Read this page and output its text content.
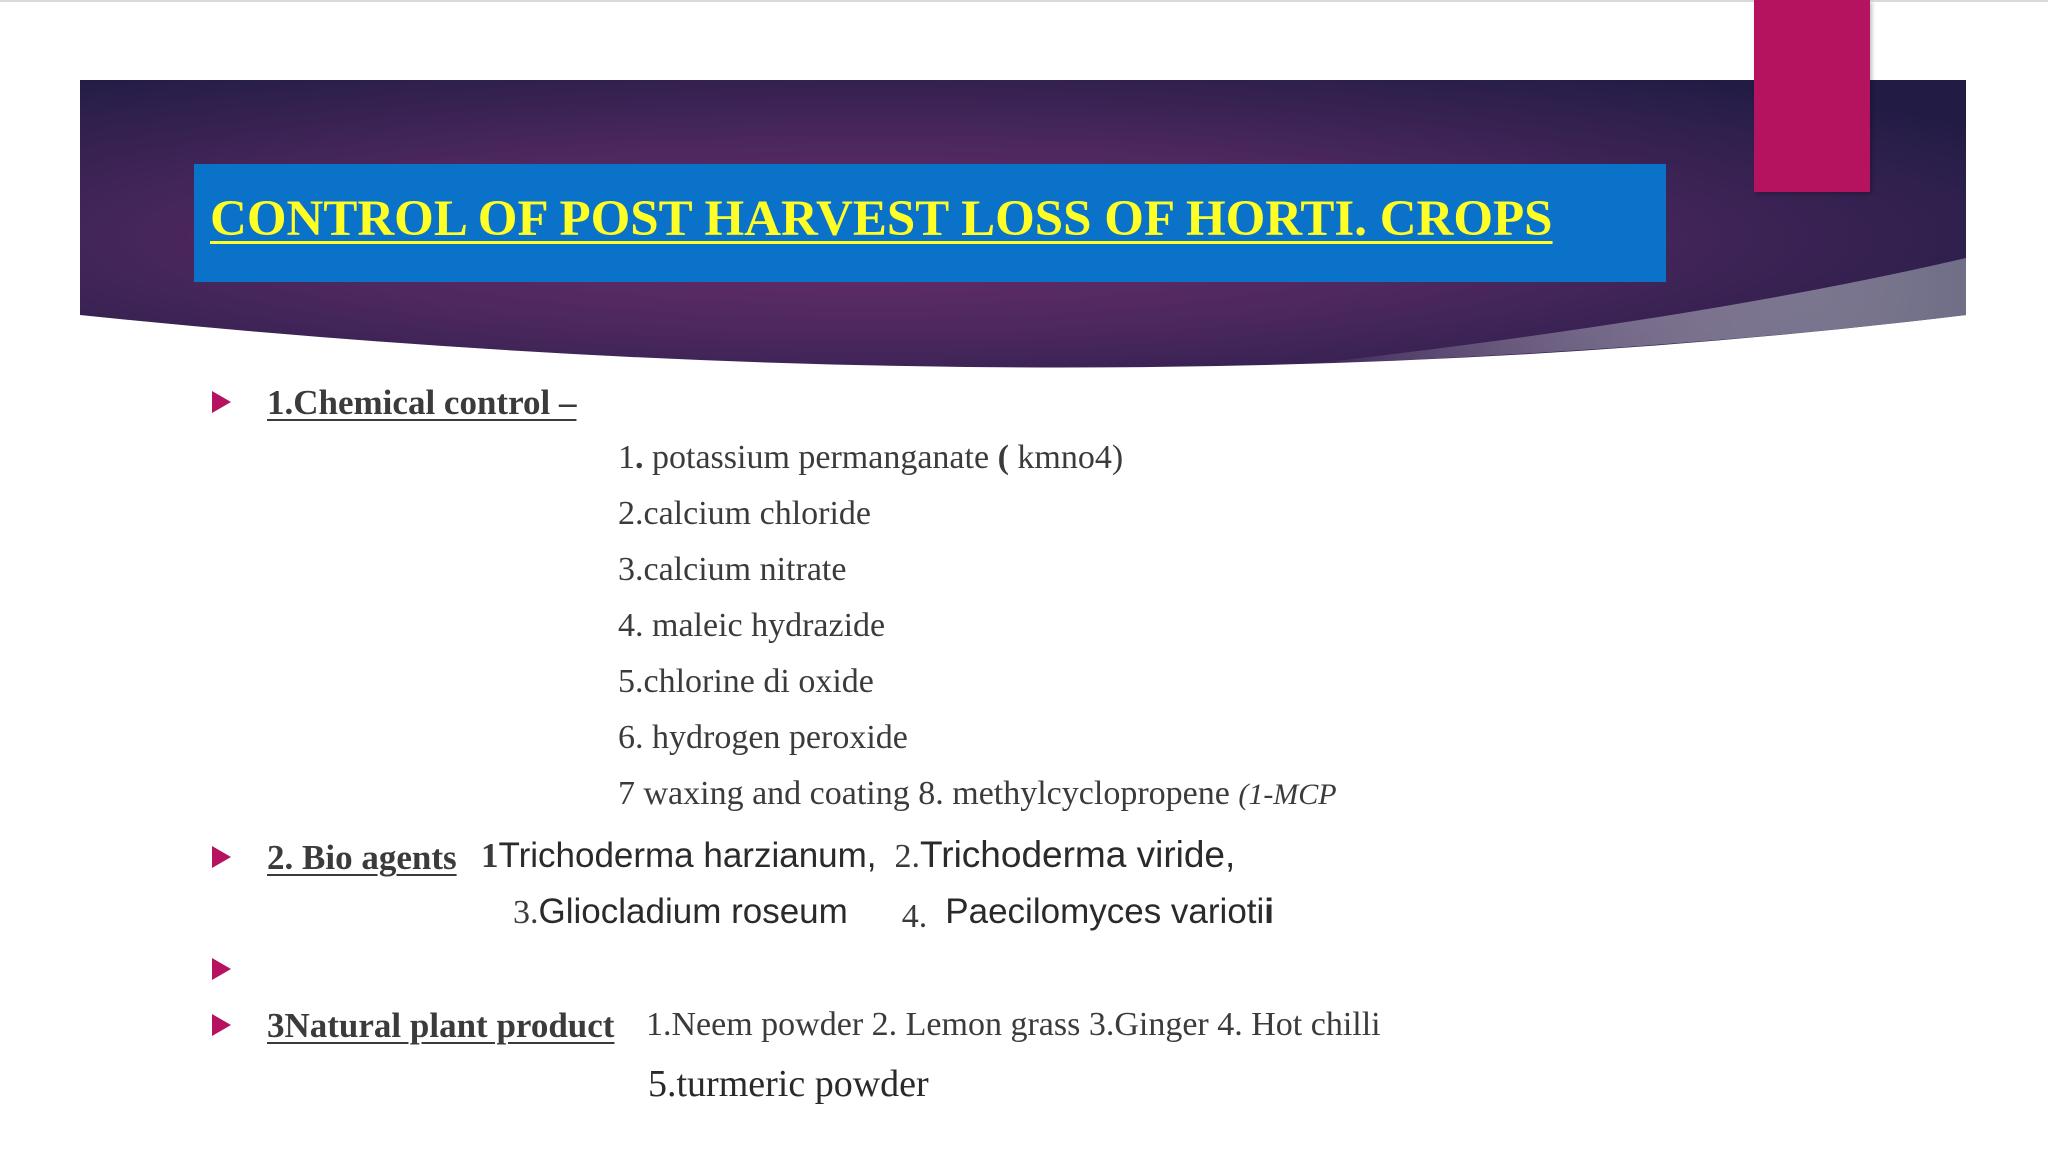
CONTROL OF POST HARVEST LOSS OF HORTI. CROPS
1.Chemical control –
1. potassium permanganate ( kmno4)
2.calcium chloride
3.calcium nitrate
4. maleic hydrazide
5.chlorine di oxide
6. hydrogen peroxide
7 waxing and coating 8. methylcyclopropene (1-MCP
2. Bio agents 1Trichoderma harzianum, 2.Trichoderma viride,
3.Gliocladium roseum 4. Paecilomyces variotii
3Natural plant product 1.Neem powder 2. Lemon grass 3.Ginger 4. Hot chilli
5.turmeric powder
